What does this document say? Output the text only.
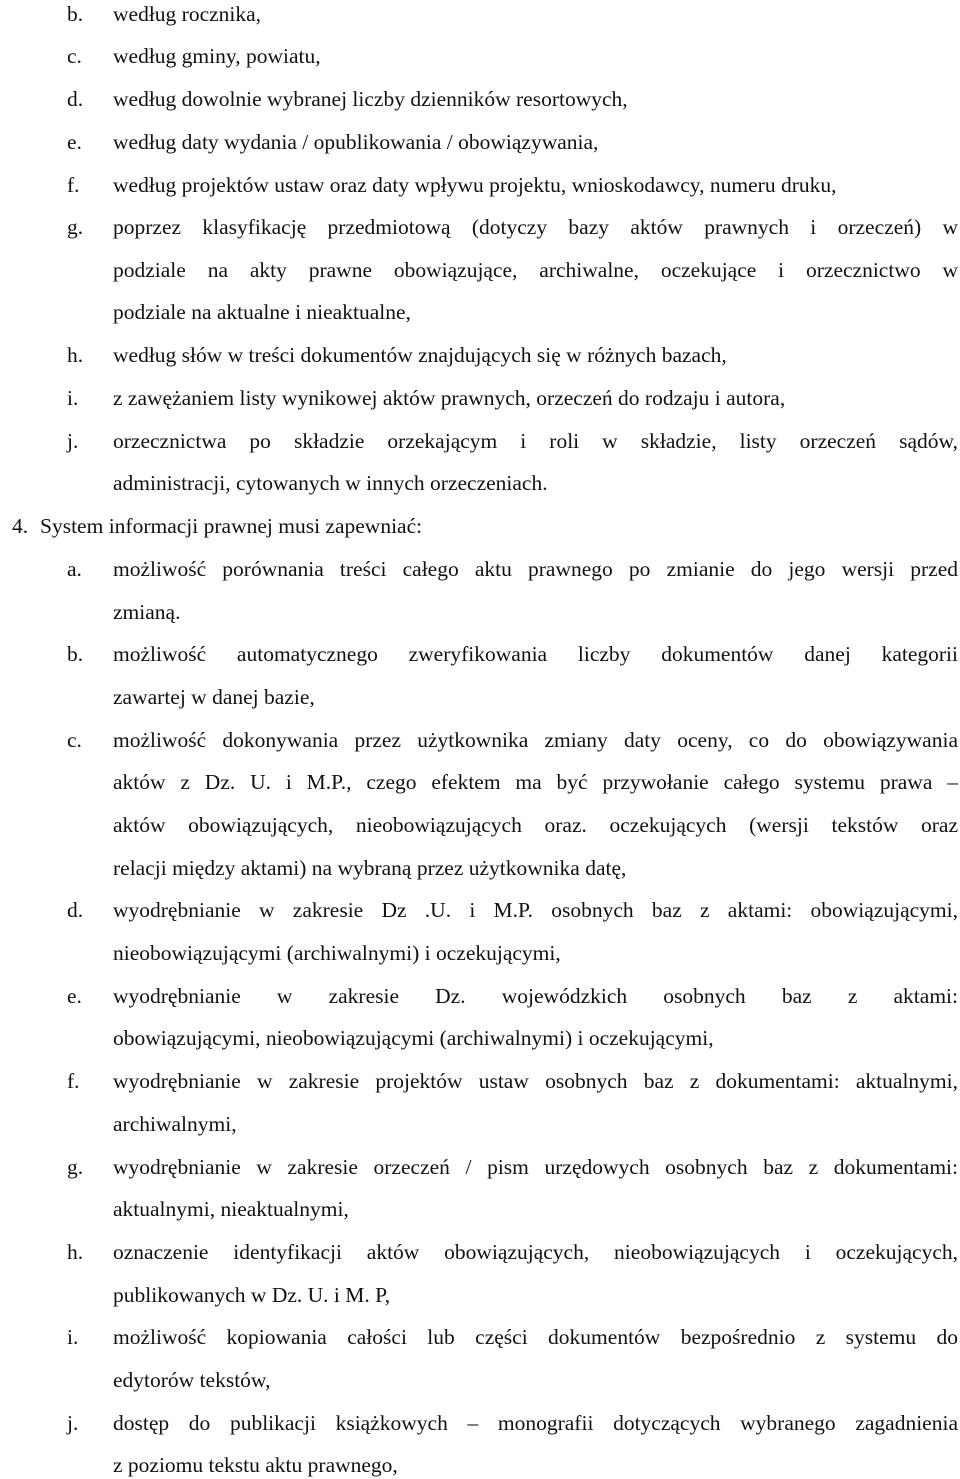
b.	według rocznika,
c.	według gminy, powiatu,
d.	według dowolnie wybranej liczby dzienników resortowych,
e.	według daty wydania / opublikowania / obowiązywania,
f.	według projektów ustaw oraz daty wpływu projektu, wnioskodawcy, numeru druku,
g.	poprzez klasyfikację przedmiotową (dotyczy bazy aktów prawnych i orzeczeń) w
podziale na akty prawne obowiązujące, archiwalne, oczekujące i orzecznictwo w
podziale na aktualne i nieaktualne,
h.	według słów w treści dokumentów znajdujących się w różnych bazach,
i.	z zawężaniem listy wynikowej aktów prawnych, orzeczeń do rodzaju i autora,
j.	orzecznictwa po składzie orzekającym i roli w składzie, listy orzeczeń sądów,
administracji, cytowanych w innych orzeczeniach.
4. System informacji prawnej musi zapewniać:
a.	możliwość porównania treści całego aktu prawnego po zmianie do jego wersji przed
zmianą.
b.	możliwość automatycznego zweryfikowania liczby dokumentów danej kategorii
zawartej w danej bazie,
c.	możliwość dokonywania przez użytkownika zmiany daty oceny, co do obowiązywania
aktów z Dz. U. i M.P., czego efektem ma być przywołanie całego systemu prawa –
aktów obowiązujących, nieobowiązujących oraz. oczekujących (wersji tekstów oraz
relacji między aktami) na wybraną przez użytkownika datę,
d.	wyodrębnianie w zakresie Dz .U. i M.P. osobnych baz z aktami: obowiązującymi,
nieobowiązującymi (archiwalnymi) i oczekującymi,
e.	wyodrębnianie w zakresie Dz. wojewódzkich osobnych baz z aktami:
obowiązującymi, nieobowiązującymi (archiwalnymi) i oczekującymi,
f.	wyodrębnianie w zakresie projektów ustaw osobnych baz z dokumentami: aktualnymi,
archiwalnymi,
g.	wyodrębnianie w zakresie orzeczeń / pism urzędowych osobnych baz z dokumentami:
aktualnymi, nieaktualnymi,
h.	oznaczenie identyfikacji aktów obowiązujących, nieobowiązujących i oczekujących,
publikowanych w Dz. U. i M. P,
i.	możliwość kopiowania całości lub części dokumentów bezpośrednio z systemu do
edytorów tekstów,
j.	dostęp do publikacji książkowych – monografii dotyczących wybranego zagadnienia
z poziomu tekstu aktu prawnego,
